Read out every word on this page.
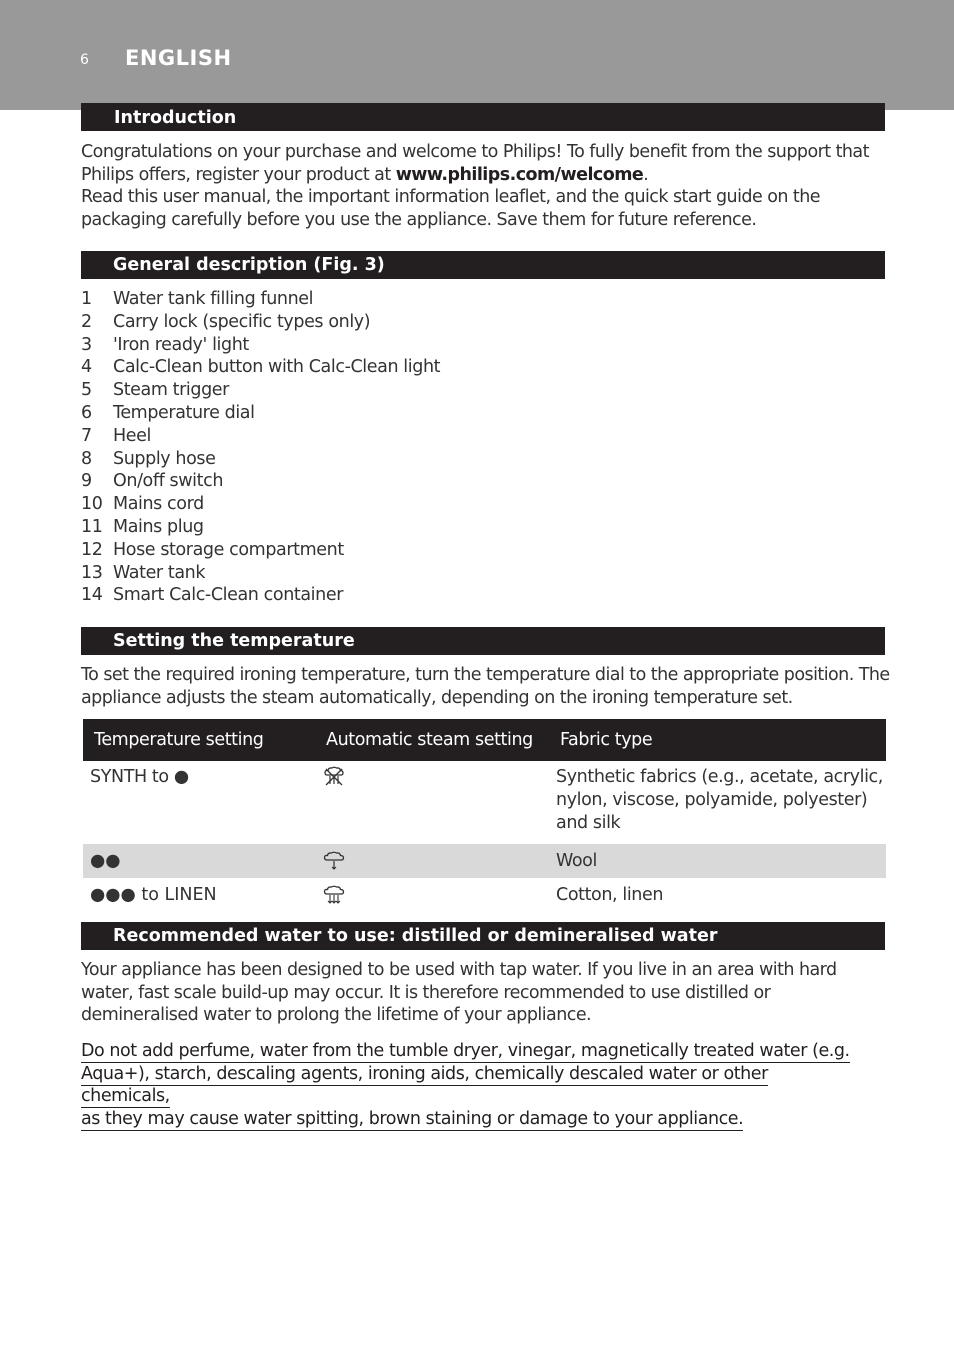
6 ENGLISH
Introduction
Congratulations on your purchase and welcome to Philips! To fully benefit from the support that Philips offers, register your product at www.philips.com/welcome.
Read this user manual, the important information leaflet, and the quick start guide on the packaging carefully before you use the appliance. Save them for future reference.
General description (Fig. 3)
1	Water tank filling funnel
2	Carry lock (specific types only)
3	'Iron ready' light
4	Calc-Clean button with Calc-Clean light
5	Steam trigger
6	Temperature dial
7	Heel
8	Supply hose
9	On/off switch
10 Mains cord
11 Mains plug
12 Hose storage compartment
13 Water tank
14 Smart Calc-Clean container
Setting the temperature
To set the required ironing temperature, turn the temperature dial to the appropriate position. The appliance adjusts the steam automatically, depending on the ironing temperature set.
Temperature setting	Automatic steam setting	Fabric type
SYNTH to ●		Synthetic fabrics (e.g., acetate, acrylic, nylon, viscose, polyamide, polyester) and silk
●●		Wool
●●● to LINEN		Cotton, linen
Recommended water to use: distilled or demineralised water
Your appliance has been designed to be used with tap water. If you live in an area with hard water, fast scale build-up may occur. It is therefore recommended to use distilled or demineralised water to prolong the lifetime of your appliance.
Do not add perfume, water from the tumble dryer, vinegar, magnetically treated water (e.g.
Aqua+), starch, descaling agents, ironing aids, chemically descaled water or other chemicals,
as they may cause water spitting, brown staining or damage to your appliance.
